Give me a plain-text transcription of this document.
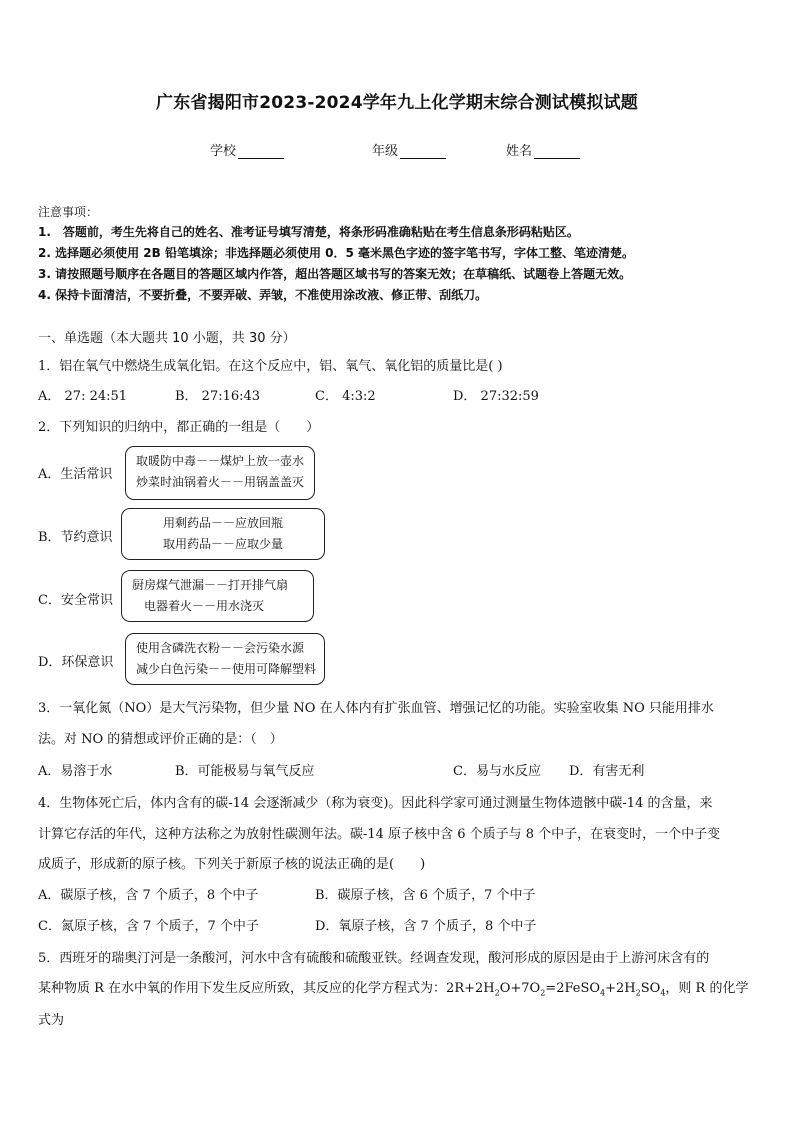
广东省揭阳市2023-2024学年九上化学期末综合测试模拟试题
学校	年级	姓名
注意事项：
1.　答题前，考生先将自己的姓名、准考证号填写清楚，将条形码准确粘贴在考生信息条形码粘贴区。
2. 选择题必须使用 2B 铅笔填涂；非选择题必须使用 0．5 毫米黑色字迹的签字笔书写，字体工整、笔迹清楚。
3. 请按照题号顺序在各题目的答题区域内作答，超出答题区域书写的答案无效；在草稿纸、试题卷上答题无效。
4. 保持卡面清洁，不要折叠，不要弄破、弄皱，不准使用涂改液、修正带、刮纸刀。
一、单选题（本大题共 10 小题，共 30 分）
1．铝在氧气中燃烧生成氧化铝。在这个反应中，铝、氧气、氧化铝的质量比是( )
A． 27: 24:51	B． 27:16:43	C． 4:3:2	D． 27:32:59
2．下列知识的归纳中，都正确的一组是（　　）
A．生活常识
取暖防中毒－－煤炉上放一壶水
炒菜时油锅着火－－用锅盖盖灭
B．节约意识
用剩药品－－应放回瓶
取用药品－－应取少量
C．安全常识
厨房煤气泄漏－－打开排气扇
电器着火－－用水浇灭
D．环保意识
使用含磷洗衣粉－－会污染水源
减少白色污染－－使用可降解塑料
3．一氧化氮（NO）是大气污染物，但少量 NO 在人体内有扩张血管、增强记忆的功能。实验室收集 NO 只能用排水
法。对 NO 的猜想或评价正确的是：（　）
A．易溶于水	B．可能极易与氧气反应	C．易与水反应 D．有害无利
4．生物体死亡后，体内含有的碳-14 会逐渐减少（称为衰变)。因此科学家可通过测量生物体遗骸中碳-14 的含量，来
计算它存活的年代，这种方法称之为放射性碳测年法。碳-14 原子核中含 6 个质子与 8 个中子，在衰变时，一个中子变
成质子，形成新的原子核。下列关于新原子核的说法正确的是(　　)
A．碳原子核，含 7 个质子，8 个中子	B．碳原子核，含 6 个质子，7 个中子
C．氮原子核，含 7 个质子，7 个中子	D．氧原子核，含 7 个质子，8 个中子
5．西班牙的瑞奥汀河是一条酸河，河水中含有硫酸和硫酸亚铁。经调查发现，酸河形成的原因是由于上游河床含有的
某种物质 R 在水中氧的作用下发生反应所致，其反应的化学方程式为：$2R+2H_2O+7O_2=2FeSO_4+2H_2SO_4$，则 R 的化学
式为
